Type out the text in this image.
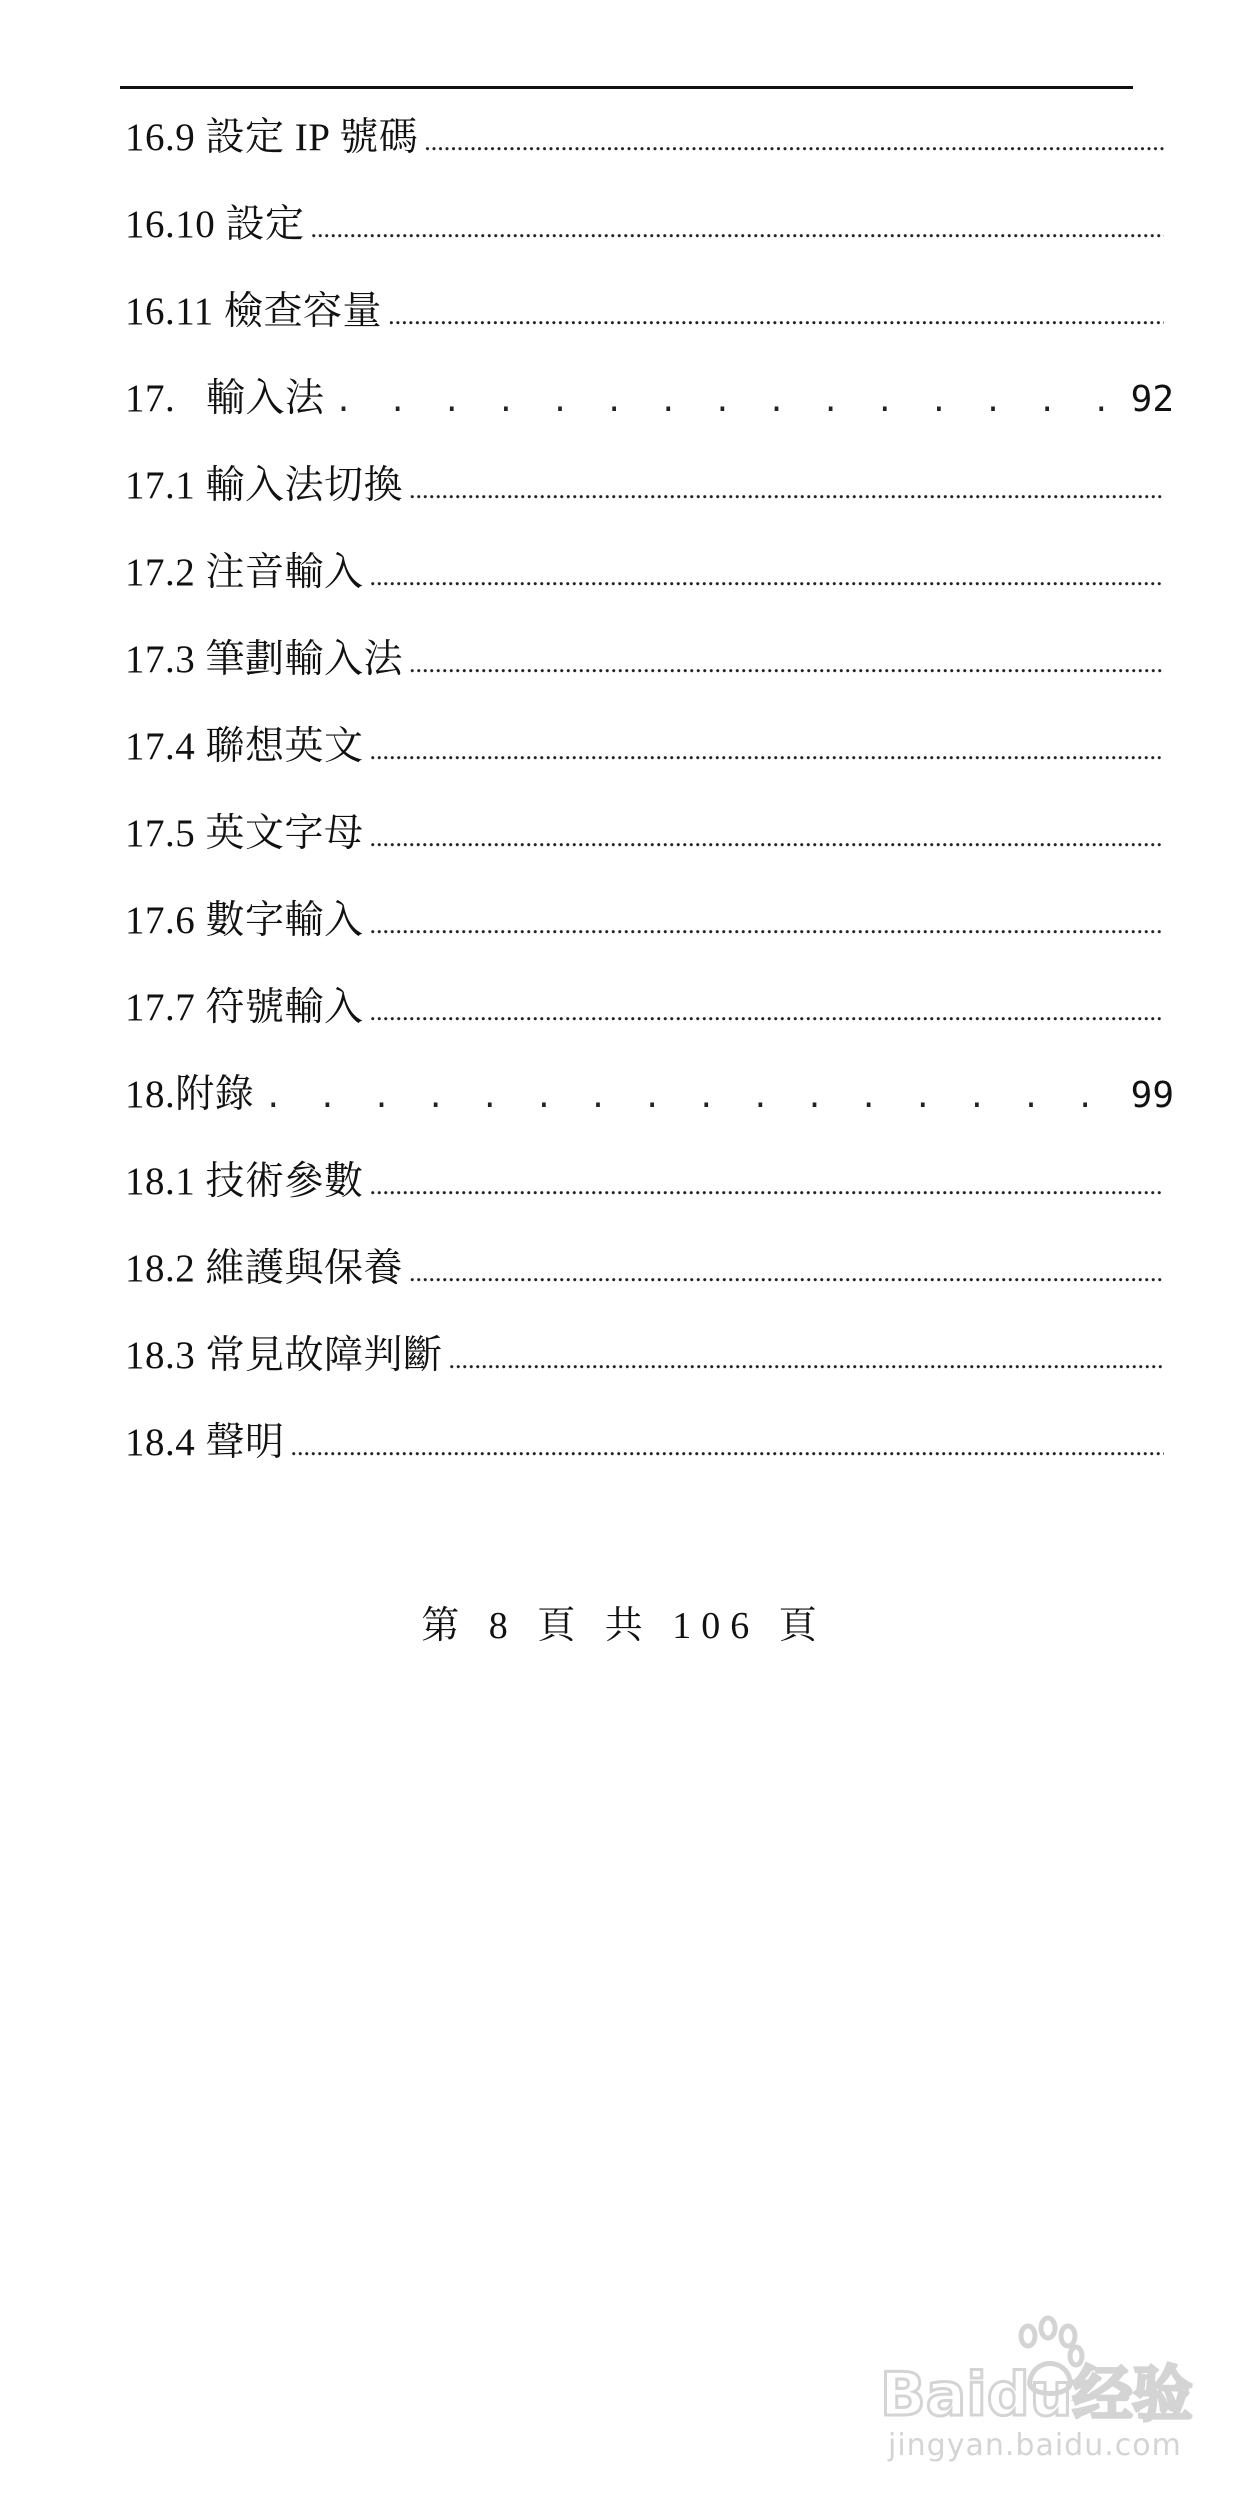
16.9 設定 IP 號碼
.....
16.10 設定
.....
16.11 檢查容量
.....
17.   輸入法 . . .	92
17.1 輸入法切換
.....
17.2 注音輸入
.....
17.3 筆劃輸入法
.....
17.4 聯想英文
.....
17.5 英文字母
.....
17.6 數字輸入
.....
17.7 符號輸入
.....
18.附錄 . . .	99
18.1 技術參數
.....
18.2 維護與保養
.....
18.3 常見故障判斷
.....
18.4 聲明
.....
第 8 頁 共 106 頁
Baidu经验
jingyan.baidu.com
